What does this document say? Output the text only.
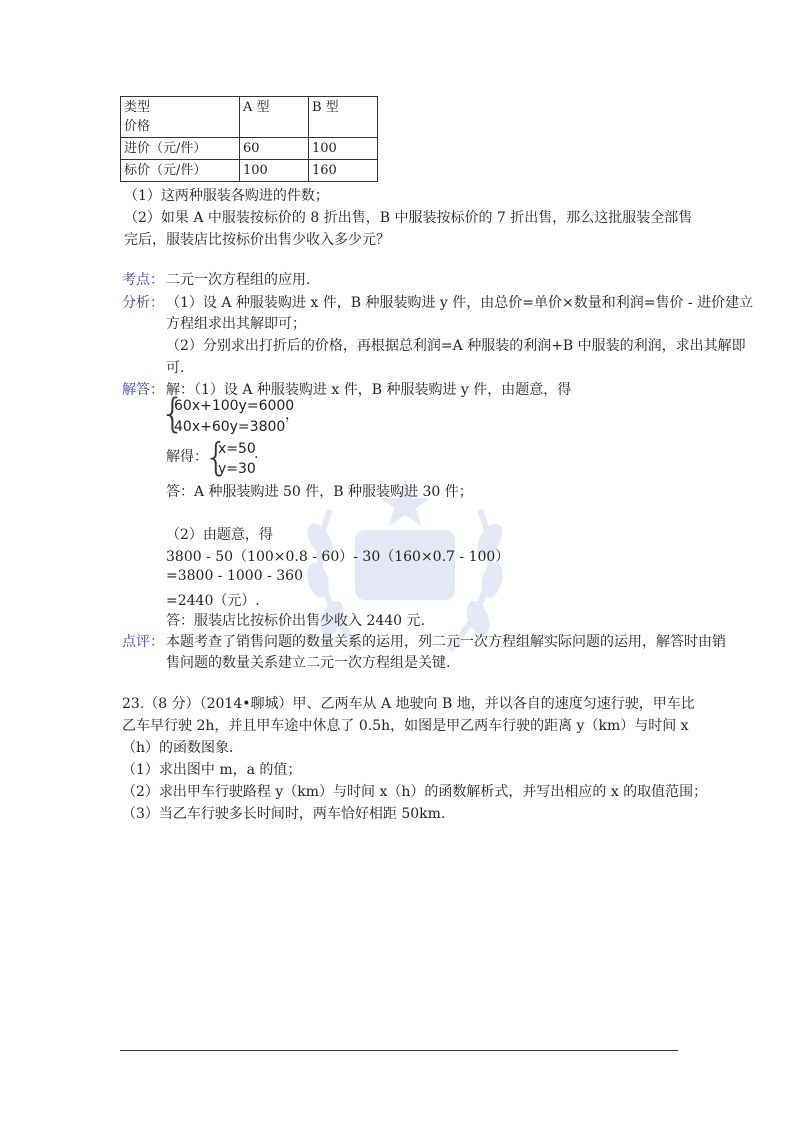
类型
价格	A 型	B 型
进价（元/件）	60	100
标价（元/件）	100	160
（1）这两种服装各购进的件数；
（2）如果 A 中服装按标价的 8 折出售，B 中服装按标价的 7 折出售，那么这批服装全部售
完后，服装店比按标价出售少收入多少元？
考点： 二元一次方程组的应用.
分析： （1）设 A 种服装购进 x 件，B 种服装购进 y 件，由总价=单价×数量和利润=售价 - 进价建立
方程组求出其解即可；
（2）分别求出打折后的价格，再根据总利润=A 种服装的利润+B 中服装的利润，求出其解即
可.
解答： 解：（1）设 A 种服装购进 x 件，B 种服装购进 y 件，由题意，得
{
60x+100y=6000
40x+60y=3800
，
解得：
{
x=50
y=30
.
答：A 种服装购进 50 件，B 种服装购进 30 件；
（2）由题意，得
3800 - 50（100×0.8 - 60）- 30（160×0.7 - 100）
=3800 - 1000 - 360
=2440（元）.
答：服装店比按标价出售少收入 2440 元.
点评： 本题考查了销售问题的数量关系的运用，列二元一次方程组解实际问题的运用，解答时由销
售问题的数量关系建立二元一次方程组是关键.
23.（8 分）（2014•聊城）甲、乙两车从 A 地驶向 B 地，并以各自的速度匀速行驶，甲车比
乙车早行驶 2h，并且甲车途中休息了 0.5h，如图是甲乙两车行驶的距离 y（km）与时间 x
（h）的函数图象.
（1）求出图中 m，a 的值；
（2）求出甲车行驶路程 y（km）与时间 x（h）的函数解析式，并写出相应的 x 的取值范围；
（3）当乙车行驶多长时间时，两车恰好相距 50km.
